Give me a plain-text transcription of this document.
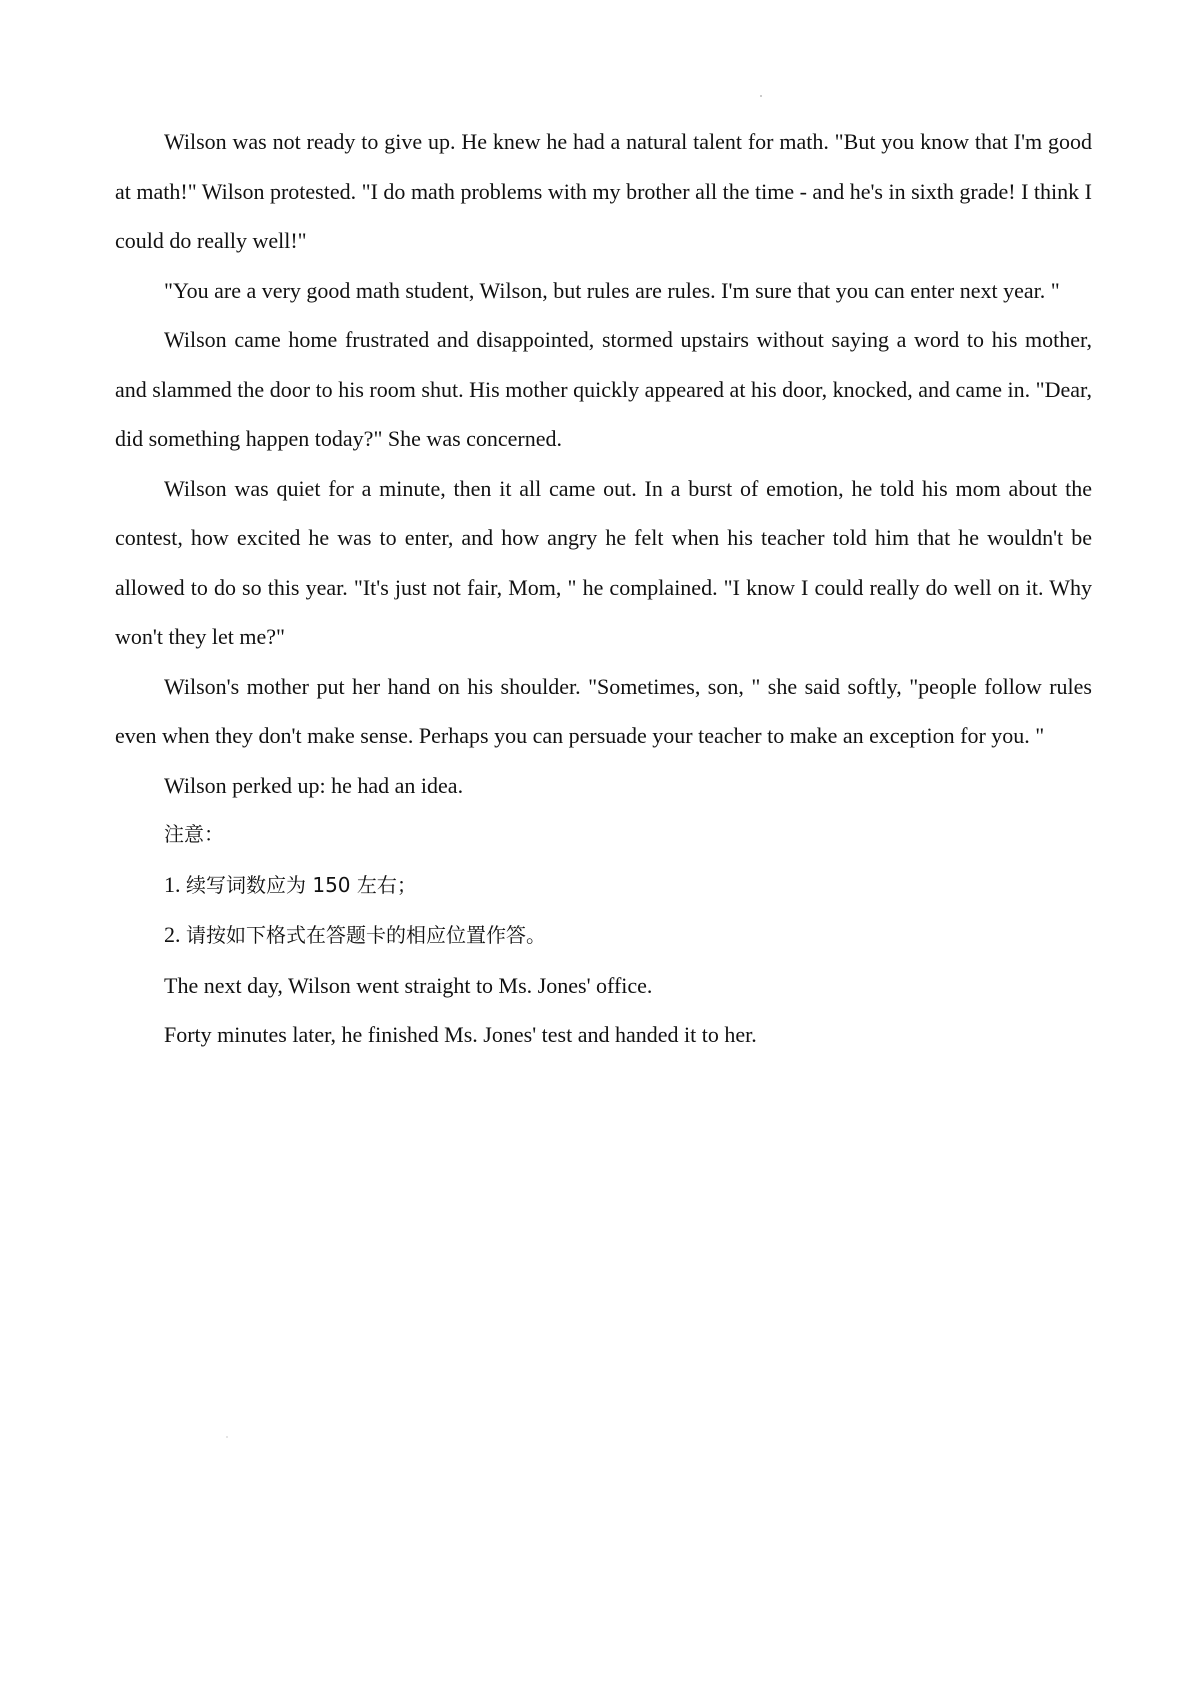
Wilson was not ready to give up. He knew he had a natural talent for math. "But you know that I'm good at math!" Wilson protested. "I do math problems with my brother all the time - and he's in sixth grade! I think I could do really well!"

"You are a very good math student, Wilson, but rules are rules. I'm sure that you can enter next year. "

Wilson came home frustrated and disappointed, stormed upstairs without saying a word to his mother, and slammed the door to his room shut. His mother quickly appeared at his door, knocked, and came in. "Dear, did something happen today?" She was concerned.

Wilson was quiet for a minute, then it all came out. In a burst of emotion, he told his mom about the contest, how excited he was to enter, and how angry he felt when his teacher told him that he wouldn't be allowed to do so this year. "It's just not fair, Mom, " he complained. "I know I could really do well on it. Why won't they let me?"

Wilson's mother put her hand on his shoulder. "Sometimes, son, " she said softly, "people follow rules even when they don't make sense. Perhaps you can persuade your teacher to make an exception for you. "

Wilson perked up: he had an idea.

注意：

1. 续写词数应为 150 左右；

2. 请按如下格式在答题卡的相应位置作答。

The next day, Wilson went straight to Ms. Jones' office.

Forty minutes later, he finished Ms. Jones' test and handed it to her.
